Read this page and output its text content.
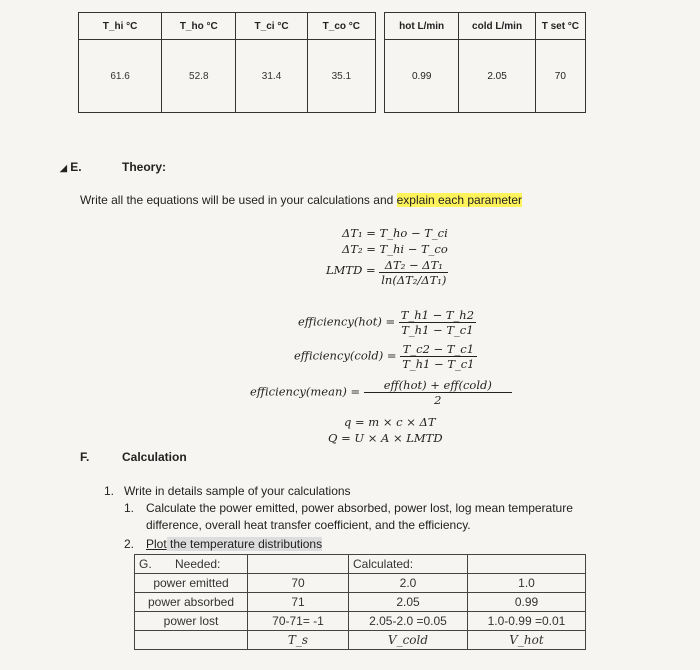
T_hi °C	T_ho °C	T_ci °C	T_co °C
61.6	52.8	31.4	35.1
hot L/min	cold L/min	T set °C
0.99	2.05	70
◢ E.	Theory:
Write all the equations will be used in your calculations and explain each parameter
ΔT₁ = T_ho − T_ci
ΔT₂ = T_hi − T_co
LMTD = $\frac{\text{ΔT₂ − ΔT₁}}{\text{ln(ΔT₂/ΔT₁)}}$
efficiency(hot) = $\frac{T\_h1 - T\_h2}{T\_h1 - T\_c1}$
efficiency(cold) = $\frac{T\_c2 - T\_c1}{T\_h1 - T\_c1}$
efficiency(mean) = $\frac{\text{eff(hot) + eff(cold)}}{2}$
q = m × c × ΔT
Q = U × A × LMTD
F.	Calculation
1. Write in details sample of your calculations
1. Calculate the power emitted, power absorbed, power lost, log mean temperature
difference, overall heat transfer coefficient, and the efficiency.
2. Plot the temperature distributions
G.       Needed:		Calculated:	
power emitted	70	2.0	1.0
power absorbed	71	2.05	0.99
power lost	70-71= -1	2.05-2.0 =0.05	1.0-0.99 =0.01
	T_s	V_cold	V_hot
